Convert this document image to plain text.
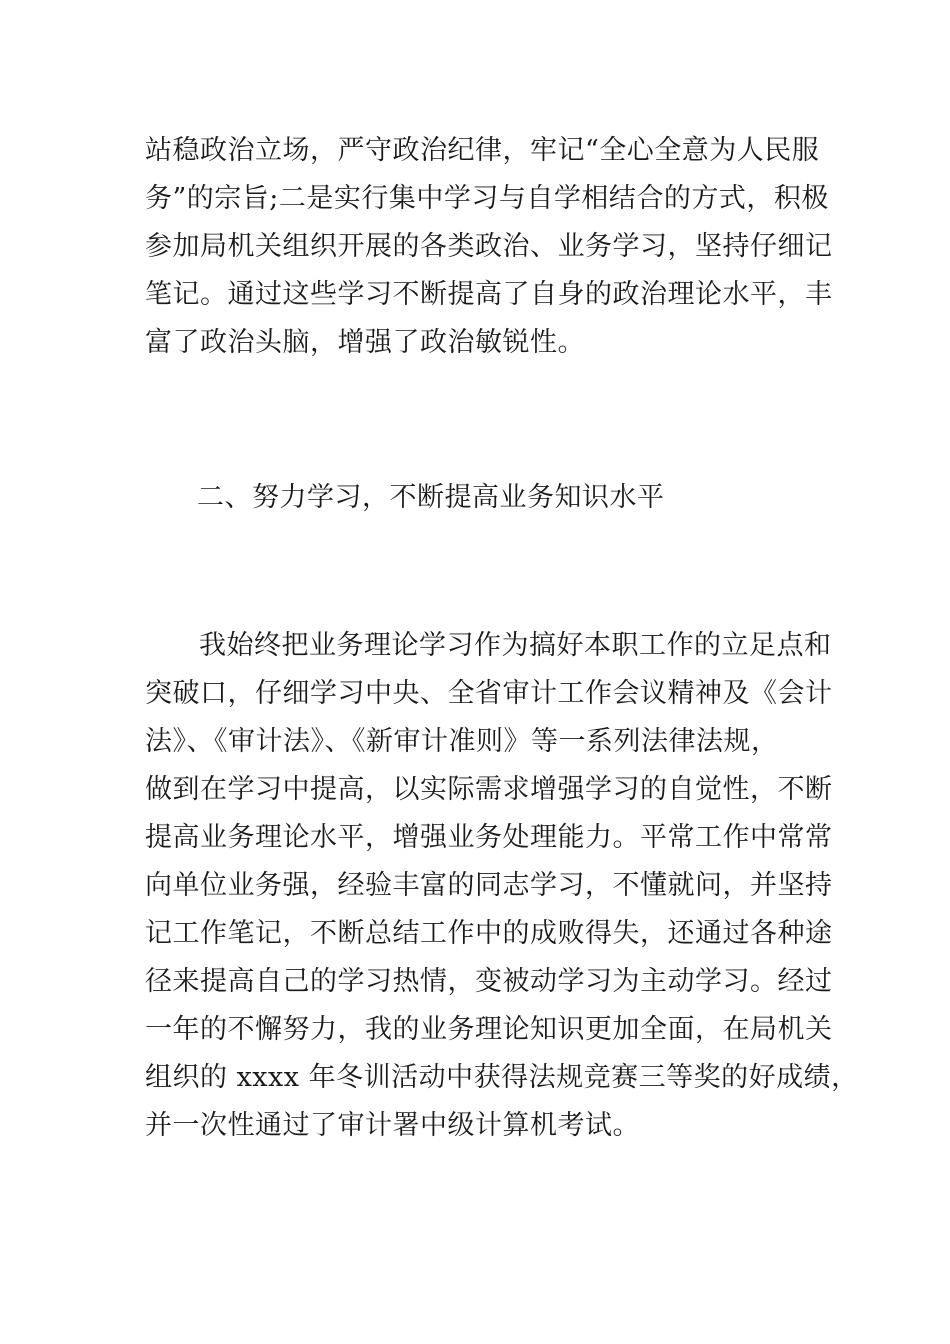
站稳政治立场，严守政治纪律，牢记“全心全意为人民服
务”的宗旨;二是实行集中学习与自学相结合的方式，积极
参加局机关组织开展的各类政治、业务学习，坚持仔细记
笔记。通过这些学习不断提高了自身的政治理论水平，丰
富了政治头脑，增强了政治敏锐性。
二、努力学习，不断提高业务知识水平
我始终把业务理论学习作为搞好本职工作的立足点和
突破口，仔细学习中央、全省审计工作会议精神及《会计
法》、《审计法》、《新审计准则》等一系列法律法规，
做到在学习中提高，以实际需求增强学习的自觉性，不断
提高业务理论水平，增强业务处理能力。平常工作中常常
向单位业务强，经验丰富的同志学习，不懂就问，并坚持
记工作笔记，不断总结工作中的成败得失，还通过各种途
径来提高自己的学习热情，变被动学习为主动学习。经过
一年的不懈努力，我的业务理论知识更加全面，在局机关
组织的 xxxx 年冬训活动中获得法规竞赛三等奖的好成绩，
并一次性通过了审计署中级计算机考试。
